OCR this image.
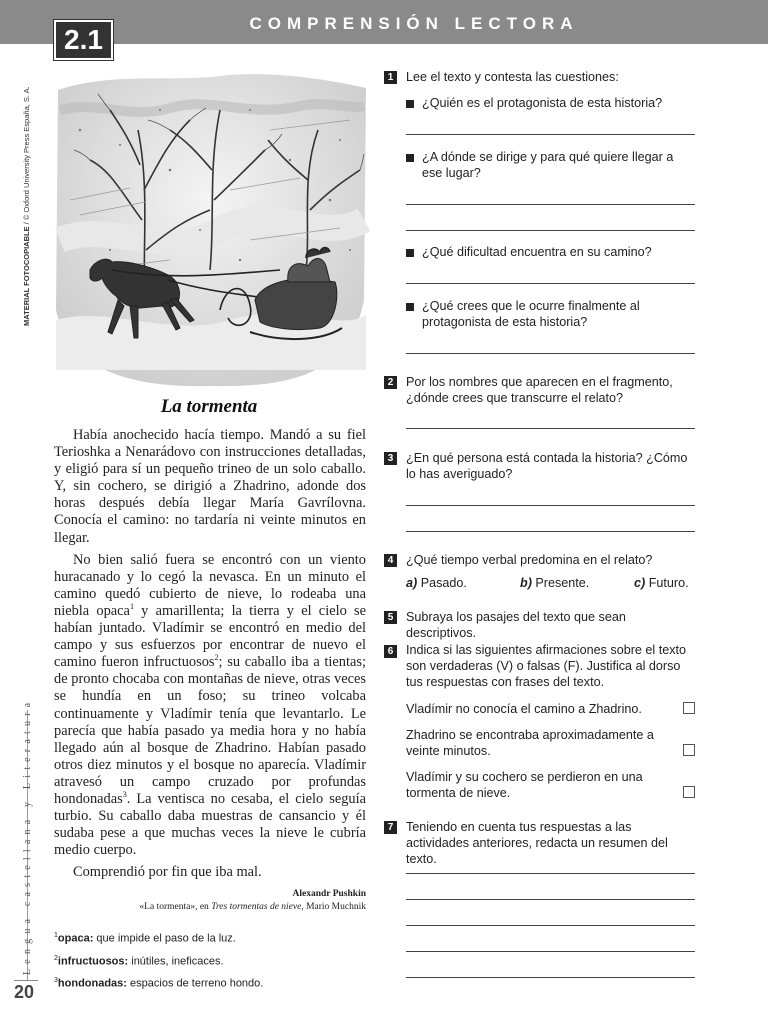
COMPRENSIÓN LECTORA
2.1
MATERIAL FOTOCOPIABLE / © Oxford University Press España, S. A.
Lengua castellana y Literatura
20
La tormenta

Había anochecido hacía tiempo. Mandó a su fiel Terioshka a Nenarádovo con instrucciones detalladas, y eligió para sí un pequeño trineo de un solo caballo. Y, sin cochero, se dirigió a Zhadrino, adonde dos horas después debía llegar María Gavrílovna. Conocía el camino: no tardaría ni veinte minutos en llegar.

No bien salió fuera se encontró con un viento huracanado y lo cegó la nevasca. En un minuto el camino quedó cubierto de nieve, lo rodeaba una niebla opaca$^1$ y amarillenta; la tierra y el cielo se habían juntado. Vladímir se encontró en medio del campo y sus esfuerzos por encontrar de nuevo el camino fueron infructuosos$^2$; su caballo iba a tientas; de pronto chocaba con montañas de nieve, otras veces se hundía en un foso; su trineo volcaba continuamente y Vladímir tenía que levantarlo. Le parecía que había pasado ya media hora y no había llegado aún al bosque de Zhadrino. Habían pasado otros diez minutos y el bosque no aparecía. Vladímir atravesó un campo cruzado por profundas hondonadas$^3$. La ventisca no cesaba, el cielo seguía turbio. Su caballo daba muestras de cansancio y él sudaba pese a que muchas veces la nieve le cubría medio cuerpo.

Comprendió por fin que iba mal.

Alexandr Pushkin
«La tormenta», en Tres tormentas de nieve, Mario Muchnik
$^1$opaca: que impide el paso de la luz.
$^2$infructuosos: inútiles, ineficaces.
$^3$hondonadas: espacios de terreno hondo.
1 Lee el texto y contesta las cuestiones:
¿Quién es el protagonista de esta historia?
¿A dónde se dirige y para qué quiere llegar a ese lugar?
¿Qué dificultad encuentra en su camino?
¿Qué crees que le ocurre finalmente al protagonista de esta historia?
2 Por los nombres que aparecen en el fragmento, ¿dónde crees que transcurre el relato?
3 ¿En qué persona está contada la historia? ¿Cómo lo has averiguado?
4 ¿Qué tiempo verbal predomina en el relato?
a) Pasado.	b) Presente.	c) Futuro.
5 Subraya los pasajes del texto que sean descriptivos.
6 Indica si las siguientes afirmaciones sobre el texto son verdaderas (V) o falsas (F). Justifica al dorso tus respuestas con frases del texto.
Vladímir no conocía el camino a Zhadrino.
Zhadrino se encontraba aproximadamente a veinte minutos.
Vladímir y su cochero se perdieron en una tormenta de nieve.
7 Teniendo en cuenta tus respuestas a las actividades anteriores, redacta un resumen del texto.
